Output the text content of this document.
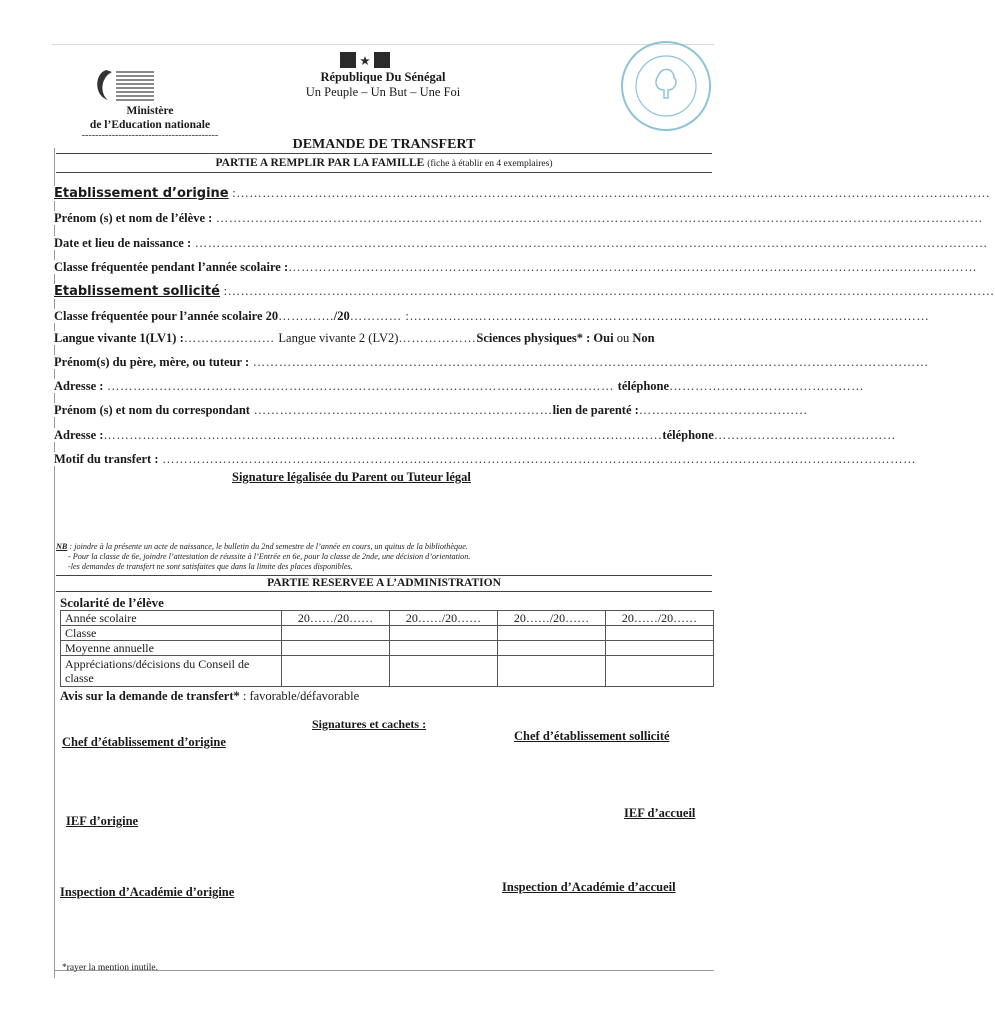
Ministère
de l’Education nationale
-----------------------------------------
République Du Sénégal
Un Peuple – Un But – Une Foi
DEMANDE DE TRANSFERT
PARTIE A REMPLIR PAR LA FAMILLE (fiche à établir en 4 exemplaires)
Etablissement d’origine :…………………………………………………………………………………………………………………………………………………………
Prénom (s) et nom de l’élève : ……………………………………………………………………………………………………………………………………………………………
Date et lieu de naissance : …………………………………………………………………………………………………………………………………………………………………
Classe fréquentée pendant l’année scolaire :……………………………………………………………………………………………………………………………………………
Etablissement sollicité :……………………………………………………………………………………………………………………………………………………………
Classe fréquentée pour l’année scolaire 20…………./20………… :…………………………………………………………………………………………………………
Langue vivante 1(LV1) :………………… Langue vivante 2 (LV2)………………Sciences physiques* : Oui ou Non
Prénom(s) du père, mère, ou tuteur : …………………………………………………………………………………………………………………………………………
Adresse : ……………………………………………………………………………………………………… téléphone………………………………………
Prénom (s) et nom du correspondant ……………………………………………………………lien de parenté :…………………………………
Adresse :…………………………………………………………………………………………………………………téléphone……………………………………
Motif du transfert : …………………………………………………………………………………………………………………………………………………………
Signature légalisée du Parent ou Tuteur légal
NB : joindre à la présente un acte de naissance, le bulletin du 2nd semestre de l’année en cours, un quitus de la bibliothèque.
- Pour la classe de 6e, joindre l’attestation de réussite à l’Entrée en 6e, pour la classe de 2nde, une décision d’orientation.
-les demandes de transfert ne sont satisfaites que dans la limite des places disponibles.
PARTIE RESERVEE A L’ADMINISTRATION
Scolarité de l’élève
Année scolaire	20……/20……	20……/20……	20……/20……	20……/20……
Classe				
Moyenne annuelle				
Appréciations/décisions du Conseil de classe				
Avis sur la demande de transfert* : favorable/défavorable
Signatures et cachets :
Chef d’établissement d’origine	Chef d’établissement sollicité
IEF d’origine
IEF d’accueil
Inspection d’Académie d’origine	Inspection d’Académie d’accueil
*rayer la mention inutile.
